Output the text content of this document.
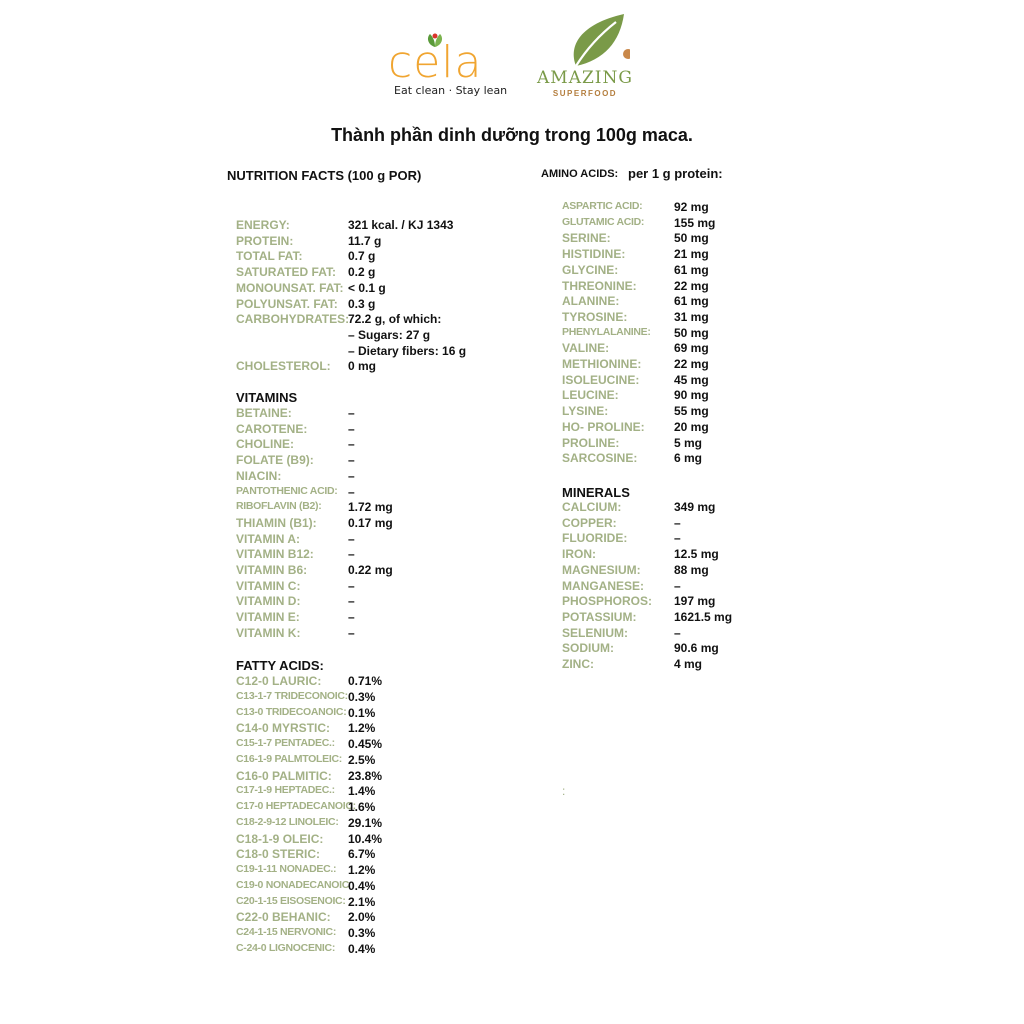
cela
Eat clean · Stay lean
AMAZING
SUPERFOOD
Thành phần dinh dưỡng trong 100g maca.
NUTRITION FACTS (100 g POR)	AMINO ACIDS: per 1 g protein:
ENERGY:	321 kcal. / KJ 1343
PROTEIN:	11.7 g
TOTAL FAT:	0.7 g
SATURATED FAT: 0.2 g
MONOUNSAT. FAT: < 0.1 g
POLYUNSAT. FAT: 0.3 g
CARBOHYDRATES:
72.2 g, of which:
– Sugars: 27 g
– Dietary fibers: 16 g
CHOLESTEROL: 0 mg
VITAMINS
BETAINE:	–
CAROTENE:	–
CHOLINE:	–
FOLATE (B9):	–
NIACIN:	–
PANTOTHENIC ACID: –
RIBOFLAVIN (B2): 1.72 mg
THIAMIN (B1):	0.17 mg
VITAMIN A:	–
VITAMIN B12:	–
VITAMIN B6:	0.22 mg
VITAMIN C:	–
VITAMIN D:	–
VITAMIN E:	–
VITAMIN K:	–
FATTY ACIDS:
C12-0 LAURIC: 0.71%
C13-1-7 TRIDECONOIC: 0.3%
C13-0 TRIDECOANOIC: 0.1%
C14-0 MYRSTIC: 1.2%
C15-1-7 PENTADEC.: 0.45%
C16-1-9 PALMTOLEIC: 2.5%
C16-0 PALMITIC: 23.8%
C17-1-9 HEPTADEC.: 1.4%
C17-0 HEPTADECANOIC:
1.6%
C18-2-9-12 LINOLEIC: 29.1%
C18-1-9 OLEIC: 10.4%
C18-0 STERIC: 6.7%
C19-1-11 NONADEC.: 1.2%
C19-0 NONADECANOIC
0.4%
C20-1-15 EISOSENOIC: 2.1%
C22-0 BEHANIC: 2.0%
C24-1-15 NERVONIC: 0.3%
C-24-0 LIGNOCENIC: 0.4%
ASPARTIC ACID:	92 mg
GLUTAMIC ACID: 155 mg
SERINE:	50 mg
HISTIDINE:	21 mg
GLYCINE:	61 mg
THREONINE:	22 mg
ALANINE:	61 mg
TYROSINE:	31 mg
PHENYLALANINE: 50 mg
VALINE:	69 mg
METHIONINE:	22 mg
ISOLEUCINE:	45 mg
LEUCINE:	90 mg
LYSINE:	55 mg
HO- PROLINE: 20 mg
PROLINE:	5 mg
SARCOSINE:	6 mg
MINERALS
CALCIUM:	349 mg
COPPER:	–
FLUORIDE:	–
IRON:	12.5 mg
MAGNESIUM:	88 mg
MANGANESE: –
PHOSPHOROS: 197 mg
POTASSIUM:	1621.5 mg
SELENIUM:	–
SODIUM:	90.6 mg
ZINC:	4 mg
:
